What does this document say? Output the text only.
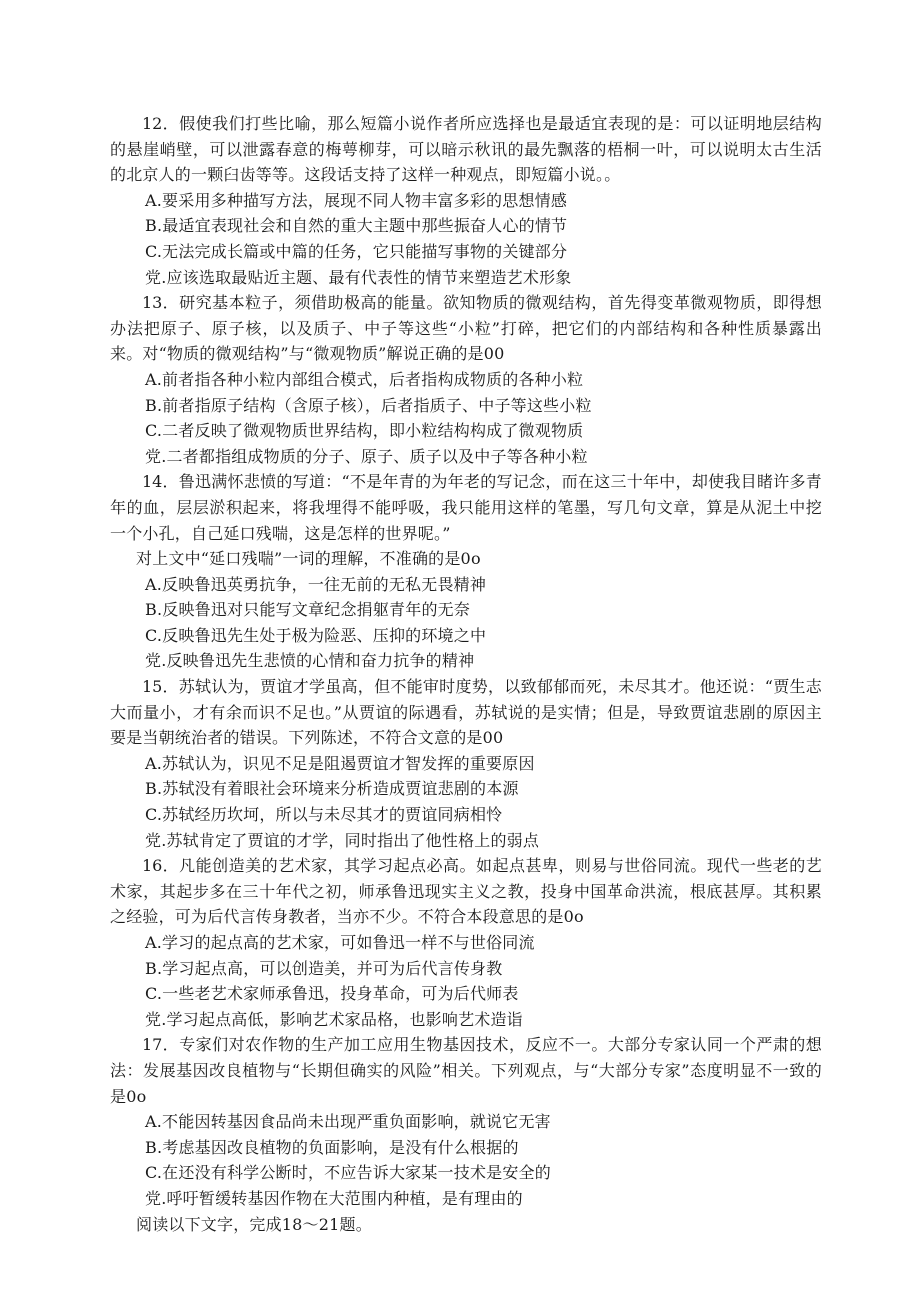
12．假使我们打些比喻，那么短篇小说作者所应选择也是最适宜表现的是：可以证明地层结构的悬崖峭壁，可以泄露春意的梅萼柳芽，可以暗示秋讯的最先飘落的梧桐一叶，可以说明太古生活的北京人的一颗臼齿等等。这段话支持了这样一种观点，即短篇小说。。

A.要采用多种描写方法，展现不同人物丰富多彩的思想情感

B.最适宜表现社会和自然的重大主题中那些振奋人心的情节

C.无法完成长篇或中篇的任务，它只能描写事物的关键部分

党.应该选取最贴近主题、最有代表性的情节来塑造艺术形象

13．研究基本粒子，须借助极高的能量。欲知物质的微观结构，首先得变革微观物质，即得想办法把原子、原子核，以及质子、中子等这些“小粒”打碎，把它们的内部结构和各种性质暴露出来。对“物质的微观结构”与“微观物质”解说正确的是00

A.前者指各种小粒内部组合模式，后者指构成物质的各种小粒

B.前者指原子结构（含原子核），后者指质子、中子等这些小粒

C.二者反映了微观物质世界结构，即小粒结构构成了微观物质

党.二者都指组成物质的分子、原子、质子以及中子等各种小粒

14．鲁迅满怀悲愤的写道：“不是年青的为年老的写记念，而在这三十年中，却使我目睹许多青年的血，层层淤积起来，将我埋得不能呼吸，我只能用这样的笔墨，写几句文章，算是从泥土中挖一个小孔，自己延口残喘，这是怎样的世界呢。”

对上文中“延口残喘”一词的理解，不准确的是0o

A.反映鲁迅英勇抗争，一往无前的无私无畏精神

B.反映鲁迅对只能写文章纪念捐躯青年的无奈

C.反映鲁迅先生处于极为险恶、压抑的环境之中

党.反映鲁迅先生悲愤的心情和奋力抗争的精神

15．苏轼认为，贾谊才学虽高，但不能审时度势，以致郁郁而死，未尽其才。他还说：“贾生志大而量小，才有余而识不足也。”从贾谊的际遇看，苏轼说的是实情；但是，导致贾谊悲剧的原因主要是当朝统治者的错误。下列陈述，不符合文意的是00

A.苏轼认为，识见不足是阻遏贾谊才智发挥的重要原因

B.苏轼没有着眼社会环境来分析造成贾谊悲剧的本源

C.苏轼经历坎坷，所以与未尽其才的贾谊同病相怜

党.苏轼肯定了贾谊的才学，同时指出了他性格上的弱点

16．凡能创造美的艺术家，其学习起点必高。如起点甚卑，则易与世俗同流。现代一些老的艺术家，其起步多在三十年代之初，师承鲁迅现实主义之教，投身中国革命洪流，根底甚厚。其积累之经验，可为后代言传身教者，当亦不少。不符合本段意思的是0o

A.学习的起点高的艺术家，可如鲁迅一样不与世俗同流

B.学习起点高，可以创造美，并可为后代言传身教

C.一些老艺术家师承鲁迅，投身革命，可为后代师表

党.学习起点高低，影响艺术家品格，也影响艺术造诣

17．专家们对农作物的生产加工应用生物基因技术，反应不一。大部分专家认同一个严肃的想法：发展基因改良植物与“长期但确实的风险”相关。下列观点，与“大部分专家”态度明显不一致的是0o

A.不能因转基因食品尚未出现严重负面影响，就说它无害

B.考虑基因改良植物的负面影响，是没有什么根据的

C.在还没有科学公断时，不应告诉大家某一技术是安全的

党.呼吁暂缓转基因作物在大范围内种植，是有理由的

阅读以下文字，完成18～21题。
